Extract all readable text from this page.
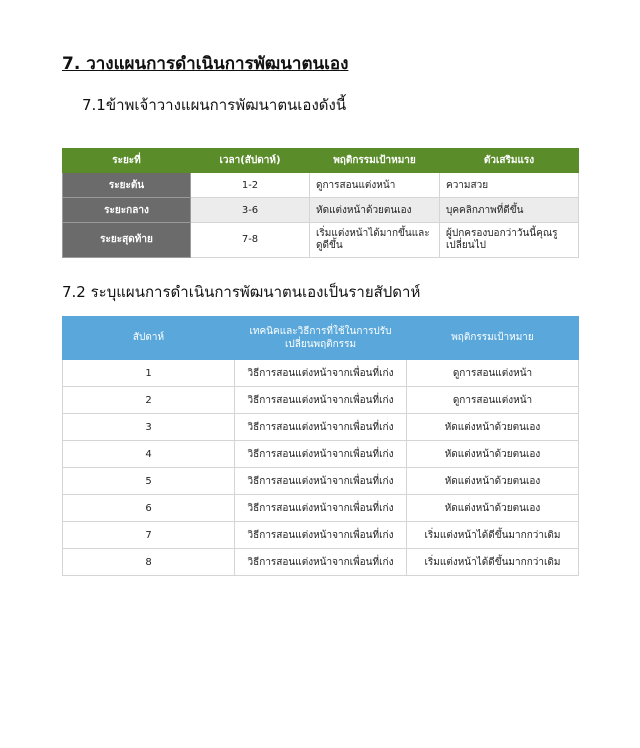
7. วางแผนการดำเนินการพัฒนาตนเอง
7.1ข้าพเจ้าวางแผนการพัฒนาตนเองดังนี้
ระยะที่	เวลา(สัปดาห์)	พฤติกรรมเป้าหมาย	ตัวเสริมแรง
ระยะต้น	1-2	ดูการสอนแต่งหน้า	ความสวย
ระยะกลาง	3-6	หัดแต่งหน้าด้วยตนเอง	บุคคลิกภาพที่ดีขึ้น
ระยะสุดท้าย	7-8	เริ่มแต่งหน้าได้มากขึ้นและดูดีขึ้น	ผู้ปกครองบอกว่าวันนี้คุณรูเปลี่ยนไป
7.2 ระบุแผนการดำเนินการพัฒนาตนเองเป็นรายสัปดาห์
สัปดาห์	เทคนิคและวิธีการที่ใช้ในการปรับเปลี่ยนพฤติกรรม	พฤติกรรมเป้าหมาย
1	วิธีการสอนแต่งหน้าจากเพื่อนที่เก่ง	ดูการสอนแต่งหน้า
2	วิธีการสอนแต่งหน้าจากเพื่อนที่เก่ง	ดูการสอนแต่งหน้า
3	วิธีการสอนแต่งหน้าจากเพื่อนที่เก่ง	หัดแต่งหน้าด้วยตนเอง
4	วิธีการสอนแต่งหน้าจากเพื่อนที่เก่ง	หัดแต่งหน้าด้วยตนเอง
5	วิธีการสอนแต่งหน้าจากเพื่อนที่เก่ง	หัดแต่งหน้าด้วยตนเอง
6	วิธีการสอนแต่งหน้าจากเพื่อนที่เก่ง	หัดแต่งหน้าด้วยตนเอง
7	วิธีการสอนแต่งหน้าจากเพื่อนที่เก่ง	เริ่มแต่งหน้าได้ดีขึ้นมากกว่าเดิม
8	วิธีการสอนแต่งหน้าจากเพื่อนที่เก่ง	เริ่มแต่งหน้าได้ดีขึ้นมากกว่าเดิม
